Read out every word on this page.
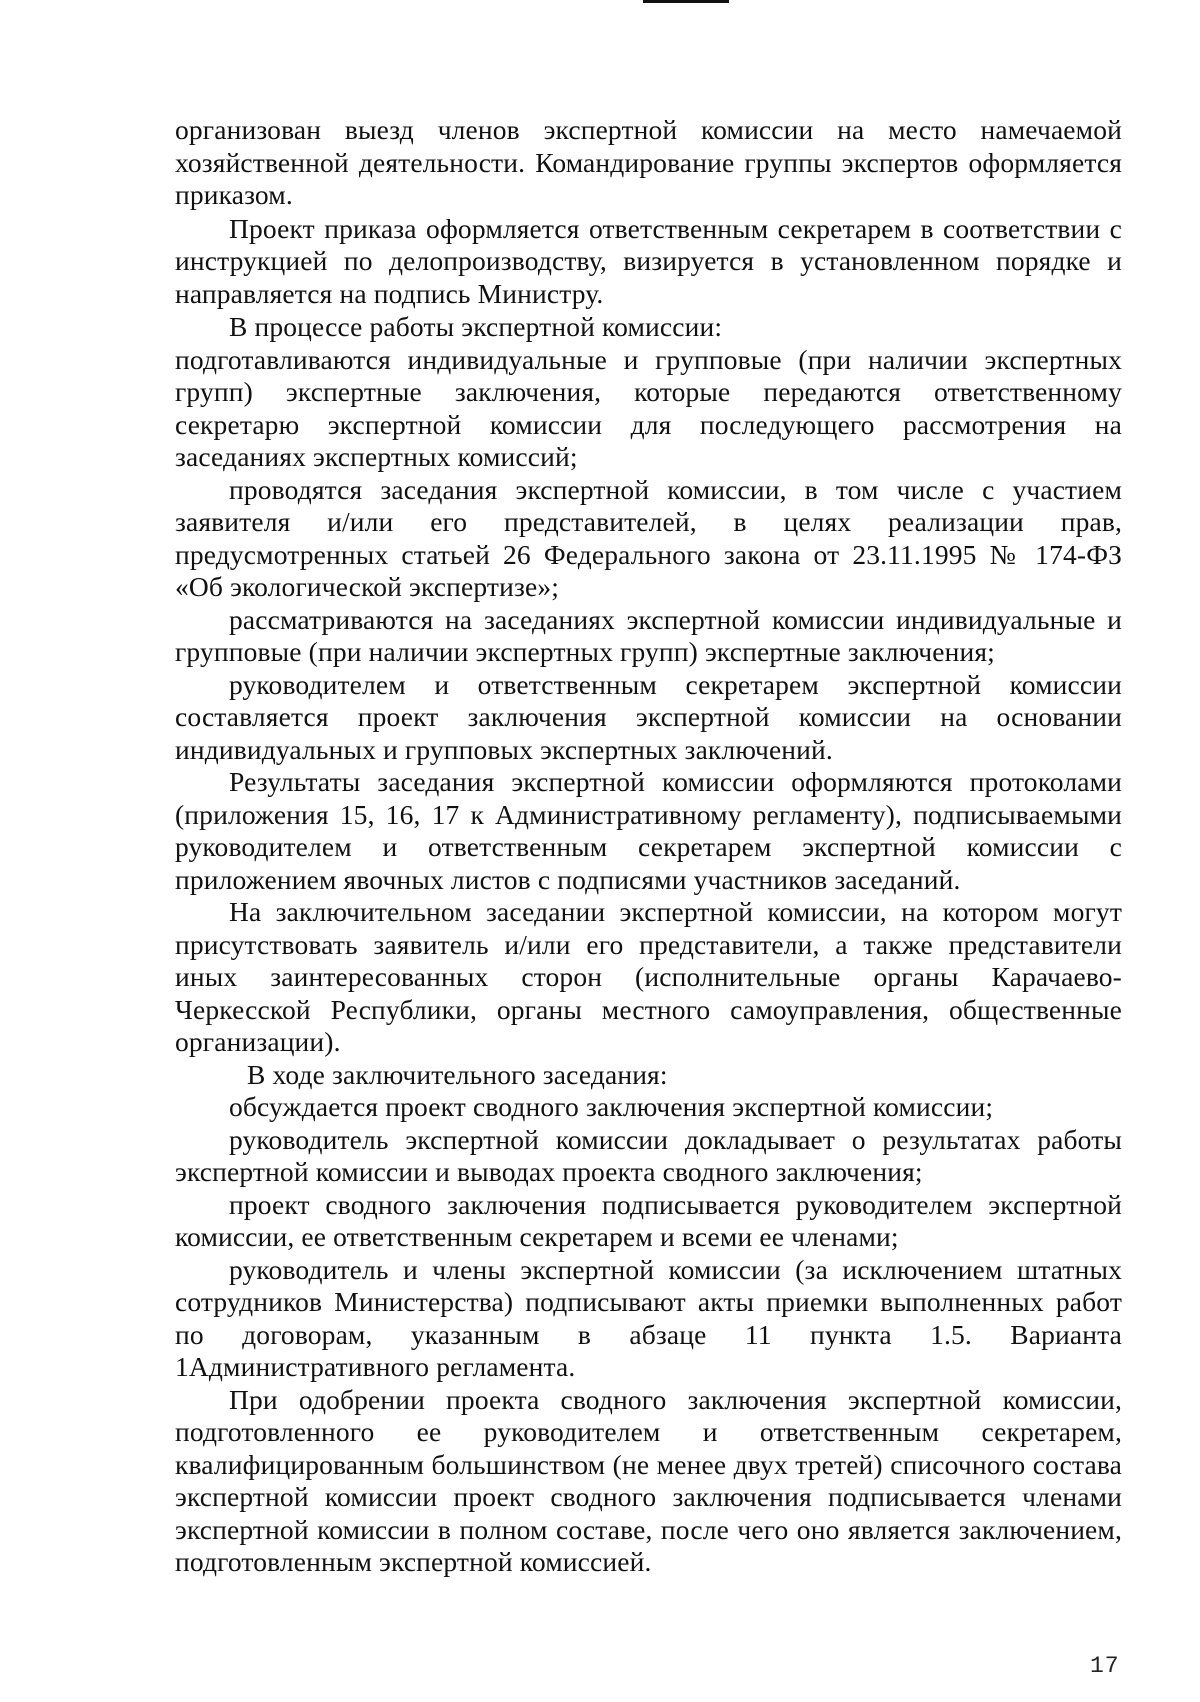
организован выезд членов экспертной комиссии на место намечаемой хозяйственной деятельности. Командирование группы экспертов оформляется приказом.

Проект приказа оформляется ответственным секретарем в соответствии с инструкцией по делопроизводству, визируется в установленном порядке и направляется на подпись Министру.

В процессе работы экспертной комиссии:

подготавливаются индивидуальные и групповые (при наличии экспертных групп) экспертные заключения, которые передаются ответственному секретарю экспертной комиссии для последующего рассмотрения на заседаниях экспертных комиссий;

проводятся заседания экспертной комиссии, в том числе с участием заявителя и/или его представителей, в целях реализации прав, предусмотренных статьей 26 Федерального закона от 23.11.1995 № 174-ФЗ «Об экологической экспертизе»;

рассматриваются на заседаниях экспертной комиссии индивидуальные и групповые (при наличии экспертных групп) экспертные заключения;

руководителем и ответственным секретарем экспертной комиссии составляется проект заключения экспертной комиссии на основании индивидуальных и групповых экспертных заключений.

Результаты заседания экспертной комиссии оформляются протоколами (приложения 15, 16, 17 к Административному регламенту), подписываемыми руководителем и ответственным секретарем экспертной комиссии с приложением явочных листов с подписями участников заседаний.

На заключительном заседании экспертной комиссии, на котором могут присутствовать заявитель и/или его представители, а также представители иных заинтересованных сторон (исполнительные органы Карачаево-Черкесской Республики, органы местного самоуправления, общественные организации).

В ходе заключительного заседания:

обсуждается проект сводного заключения экспертной комиссии;

руководитель экспертной комиссии докладывает о результатах работы экспертной комиссии и выводах проекта сводного заключения;

проект сводного заключения подписывается руководителем экспертной комиссии, ее ответственным секретарем и всеми ее членами;

руководитель и члены экспертной комиссии (за исключением штатных сотрудников Министерства) подписывают акты приемки выполненных работ по договорам, указанным в абзаце 11 пункта 1.5. Варианта 1Административного регламента.

При одобрении проекта сводного заключения экспертной комиссии, подготовленного ее руководителем и ответственным секретарем, квалифицированным большинством (не менее двух третей) списочного состава экспертной комиссии проект сводного заключения подписывается членами экспертной комиссии в полном составе, после чего оно является заключением, подготовленным экспертной комиссией.

17
